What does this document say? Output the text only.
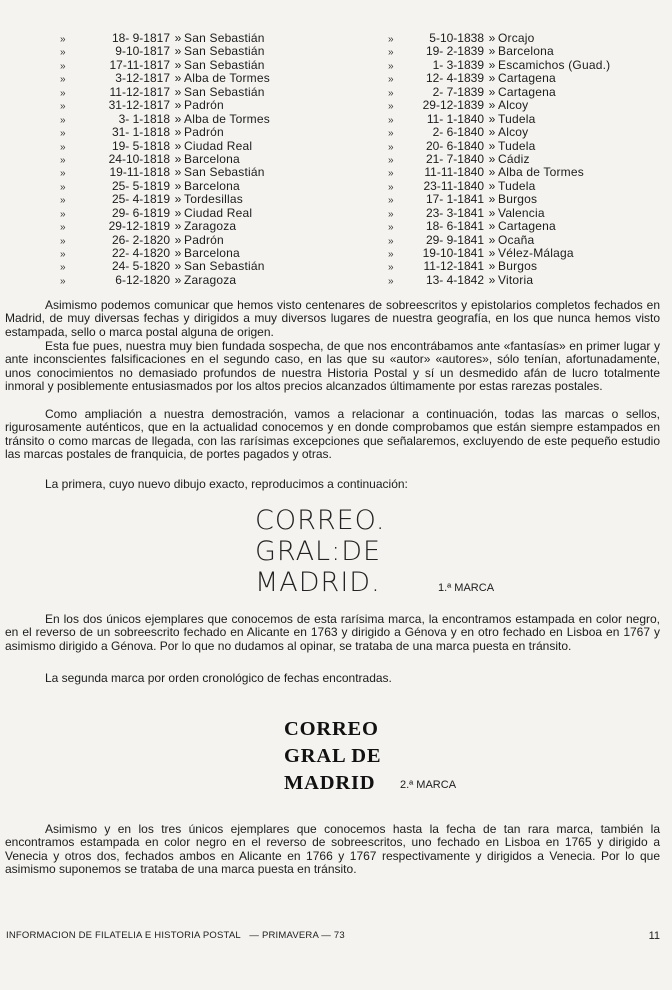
»	18- 9-1817 » San Sebastián
»	9-10-1817 » San Sebastián
»	17-11-1817 » San Sebastián
»	3-12-1817 » Alba de Tormes
»	11-12-1817 » San Sebastián
»	31-12-1817 » Padrón
»	3- 1-1818 » Alba de Tormes
»	31- 1-1818 » Padrón
»	19- 5-1818 » Ciudad Real
»	24-10-1818 » Barcelona
»	19-11-1818 » San Sebastián
»	25- 5-1819 » Barcelona
»	25- 4-1819 » Tordesillas
»	29- 6-1819 » Ciudad Real
»	29-12-1819 » Zaragoza
»	26- 2-1820 » Padrón
»	22- 4-1820 » Barcelona
»	24- 5-1820 » San Sebastián
»	6-12-1820 » Zaragoza
»	5-10-1838 » Orcajo
»	19- 2-1839 » Barcelona
»	1- 3-1839 » Escamichos (Guad.)
»	12- 4-1839 » Cartagena
»	2- 7-1839 » Cartagena
»	29-12-1839 » Alcoy
»	11- 1-1840 » Tudela
»	2- 6-1840 » Alcoy
»	20- 6-1840 » Tudela
»	21- 7-1840 » Cádiz
»	11-11-1840 » Alba de Tormes
»	23-11-1840 » Tudela
»	17- 1-1841 » Burgos
»	23- 3-1841 » Valencia
»	18- 6-1841 » Cartagena
»	29- 9-1841 » Ocaña
»	19-10-1841 » Vélez-Málaga
»	11-12-1841 » Burgos
»	13- 4-1842 » Vitoria

Asimismo podemos comunicar que hemos visto centenares de sobreescritos y epistolarios completos fechados en Madrid, de muy diversas fechas y dirigidos a muy diversos lugares de nuestra geografía, en los que nunca hemos visto estampada, sello o marca postal alguna de origen.

Esta fue pues, nuestra muy bien fundada sospecha, de que nos encontrábamos ante «fantasías» en primer lugar y ante inconscientes falsificaciones en el segundo caso, en las que su «autor» «autores», sólo tenían, afortunadamente, unos conocimientos no demasiado profundos de nuestra Historia Postal y sí un desmedido afán de lucro totalmente inmoral y posiblemente entusiasmados por los altos precios alcanzados últimamente por estas rarezas postales.

Como ampliación a nuestra demostración, vamos a relacionar a continuación, todas las marcas o sellos, rigurosamente auténticos, que en la actualidad conocemos y en donde comprobamos que están siempre estampados en tránsito o como marcas de llegada, con las rarísimas excepciones que señalaremos, excluyendo de este pequeño estudio las marcas postales de franquicia, de portes pagados y otras.

La primera, cuyo nuevo dibujo exacto, reproducimos a continuación:

CORREO.
GRAL:DE
MADRID.	1.ª MARCA

En los dos únicos ejemplares que conocemos de esta rarísima marca, la encontramos estampada en color negro, en el reverso de un sobreescrito fechado en Alicante en 1763 y dirigido a Génova y en otro fechado en Lisboa en 1767 y asimismo dirigido a Génova. Por lo que no dudamos al opinar, se trataba de una marca puesta en tránsito.

La segunda marca por orden cronológico de fechas encontradas.

CORREO
GRAL DE
MADRID	2.ª MARCA

Asimismo y en los tres únicos ejemplares que conocemos hasta la fecha de tan rara marca, también la encontramos estampada en color negro en el reverso de sobreescritos, uno fechado en Lisboa en 1765 y dirigido a Venecia y otros dos, fechados ambos en Alicante en 1766 y 1767 respectivamente y dirigidos a Venecia. Por lo que asimismo suponemos se trataba de una marca puesta en tránsito.

INFORMACION DE FILATELIA E HISTORIA POSTAL — PRIMAVERA — 73	11
